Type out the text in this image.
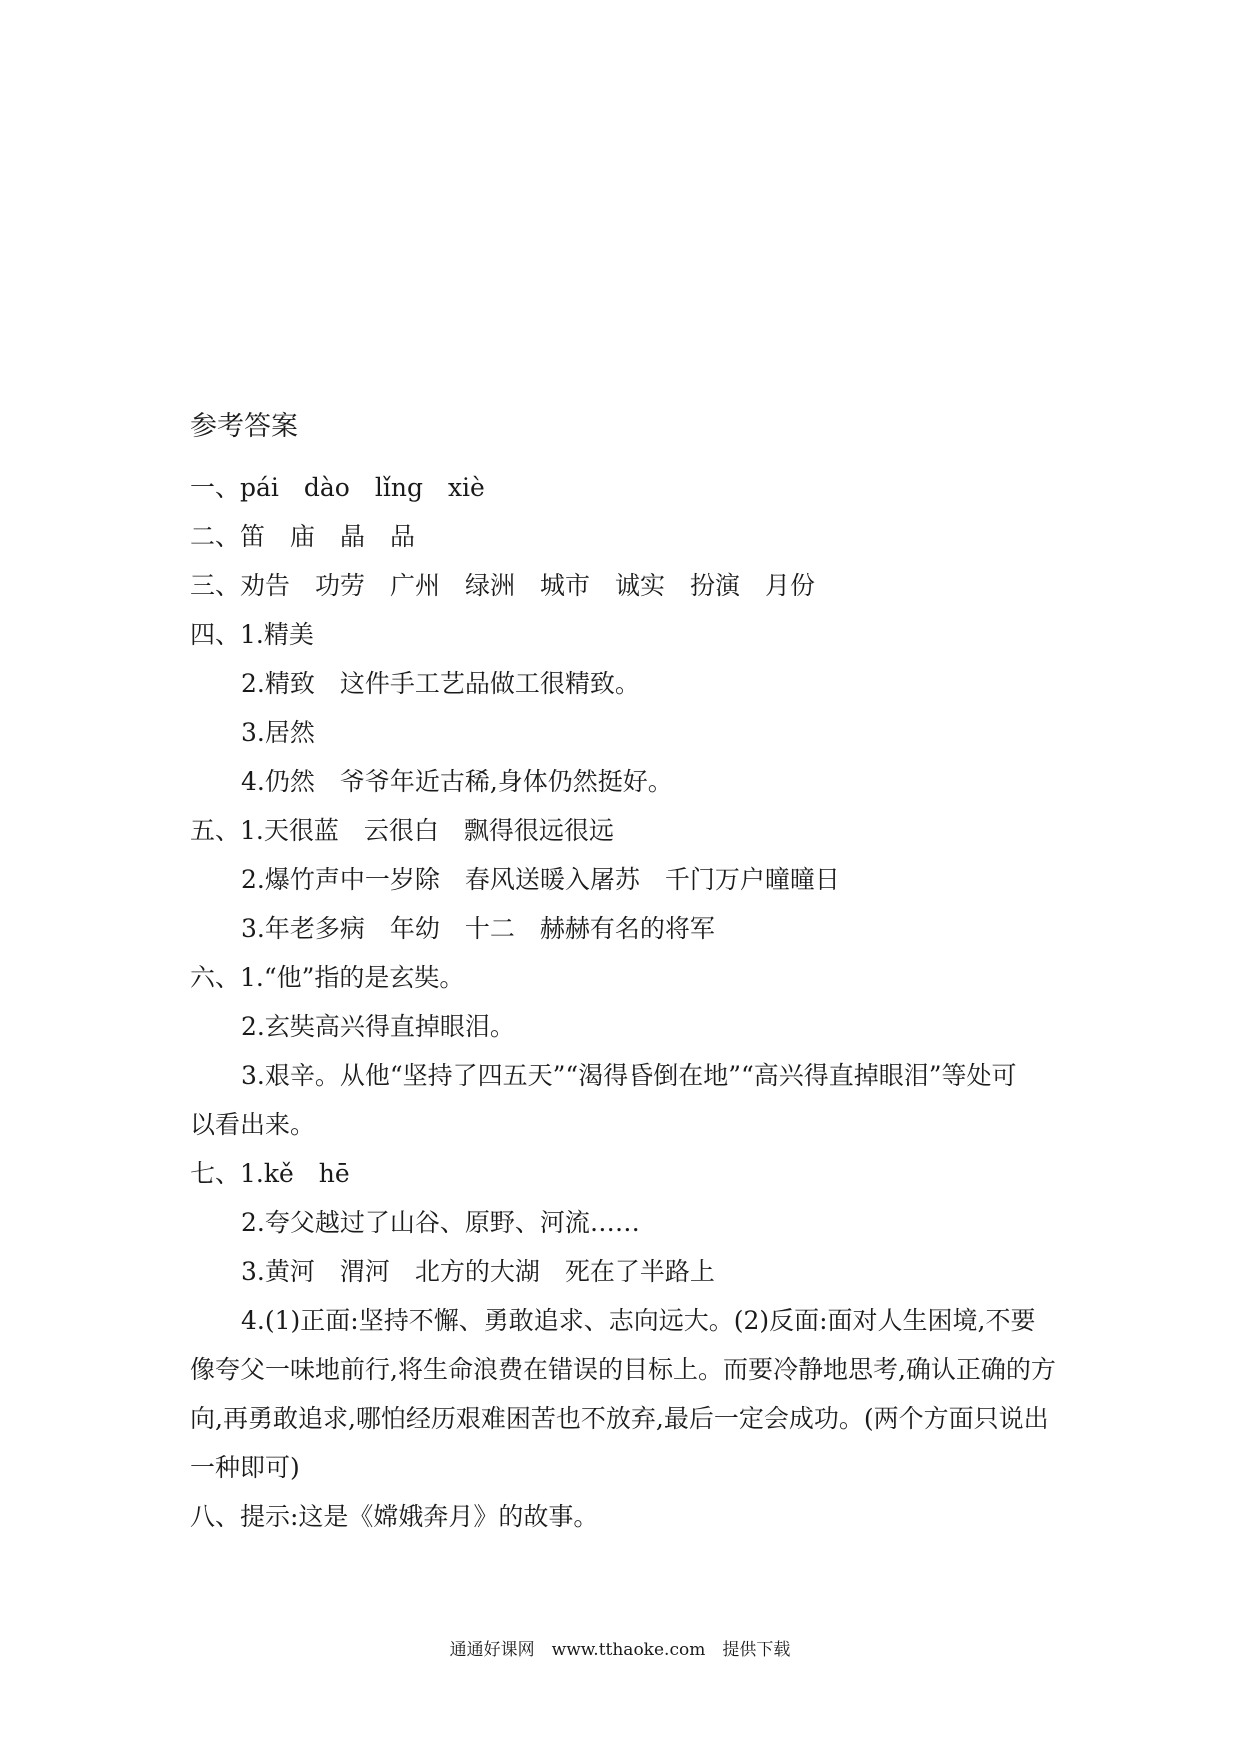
参考答案
一、pái　dào　lǐng　xiè
二、笛　庙　晶　品
三、劝告　功劳　广州　绿洲　城市　诚实　扮演　月份
四、1.精美
2.精致　这件手工艺品做工很精致。
3.居然
4.仍然　爷爷年近古稀,身体仍然挺好。
五、1.天很蓝　云很白　飘得很远很远
2.爆竹声中一岁除　春风送暖入屠苏　千门万户曈曈日
3.年老多病　年幼　十二　赫赫有名的将军
六、1.“他”指的是玄奘。
2.玄奘高兴得直掉眼泪。
3.艰辛。从他“坚持了四五天”“渴得昏倒在地”“高兴得直掉眼泪”等处可
以看出来。
七、1.kě　hē
2.夸父越过了山谷、原野、河流……
3.黄河　渭河　北方的大湖　死在了半路上
4.(1)正面:坚持不懈、勇敢追求、志向远大。(2)反面:面对人生困境,不要
像夸父一味地前行,将生命浪费在错误的目标上。而要冷静地思考,确认正确的方
向,再勇敢追求,哪怕经历艰难困苦也不放弃,最后一定会成功。(两个方面只说出
一种即可)
八、提示:这是《嫦娥奔月》的故事。
通通好课网　www.tthaoke.com　提供下载
